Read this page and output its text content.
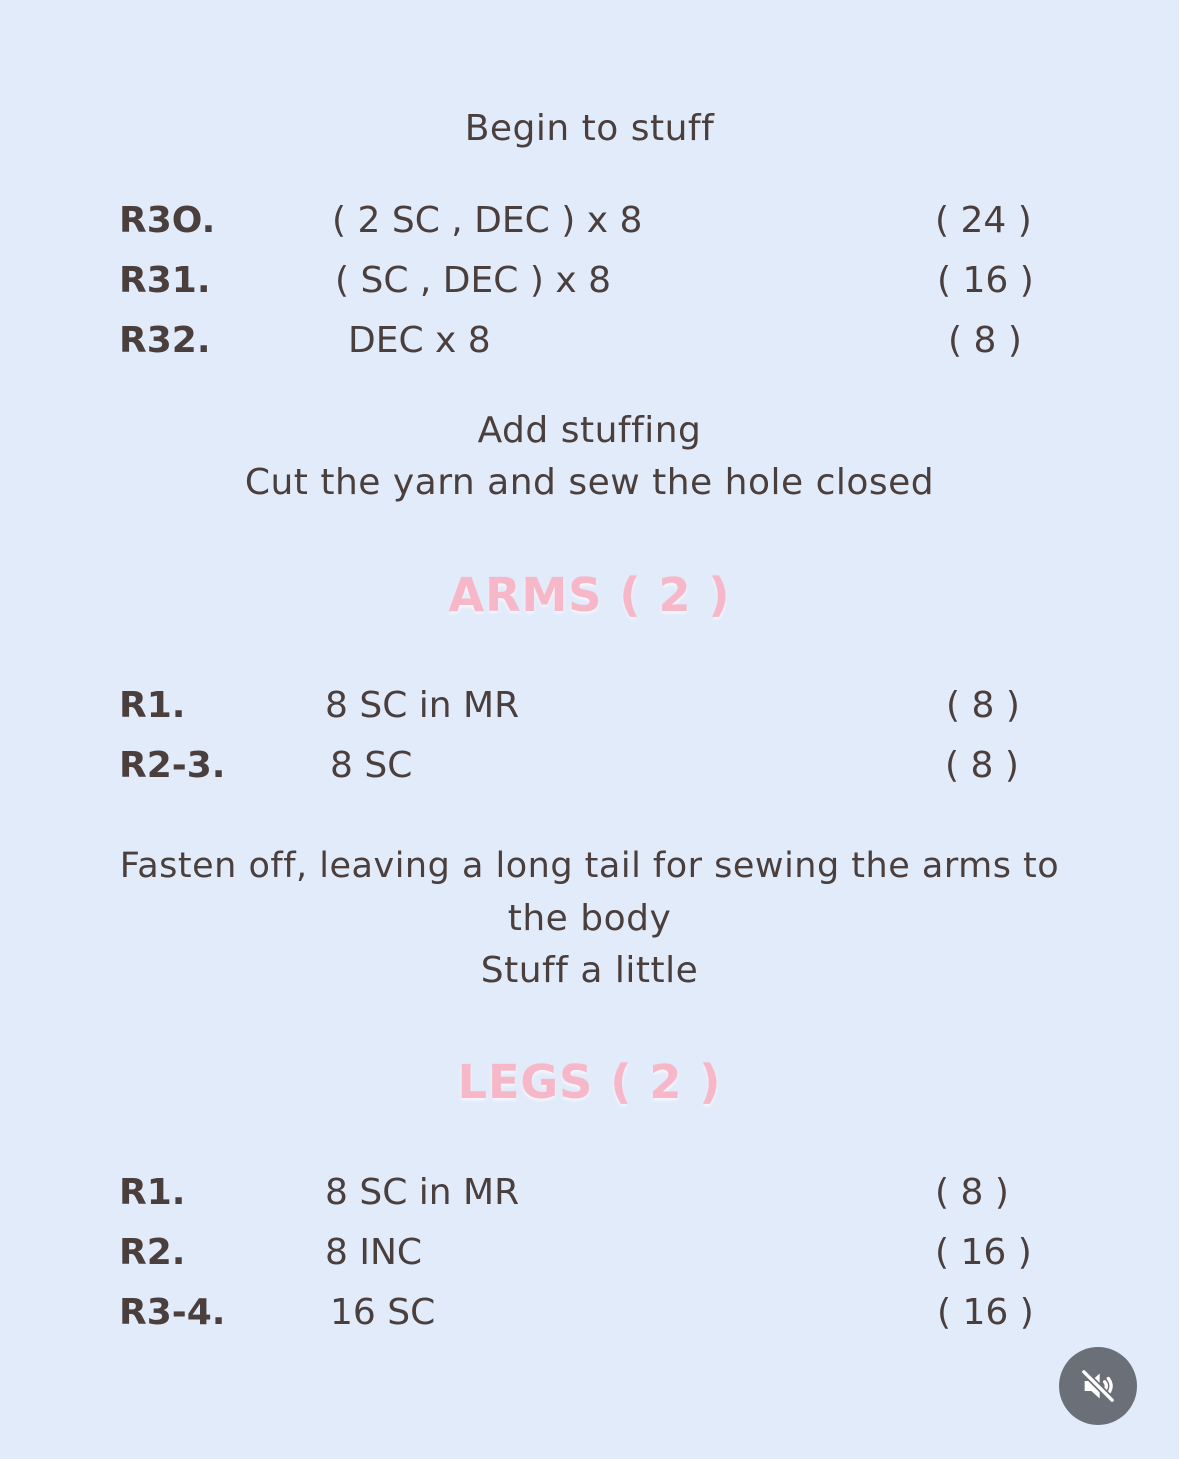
Begin to stuff
R3O.	( 2 SC , DEC ) x 8	( 24 )
R31.	( SC , DEC ) x 8	( 16 )
R32.	DEC x 8	( 8 )
Add stuffing
Cut the yarn and sew the hole closed
ARMS ( 2 )
R1.	8 SC in MR	( 8 )
R2-3.	8 SC	( 8 )
Fasten off, leaving a long tail for sewing the arms to
the body
Stuff a little
LEGS ( 2 )
R1.	8 SC in MR	( 8 )
R2.	8 INC	( 16 )
R3-4.	16 SC	( 16 )
